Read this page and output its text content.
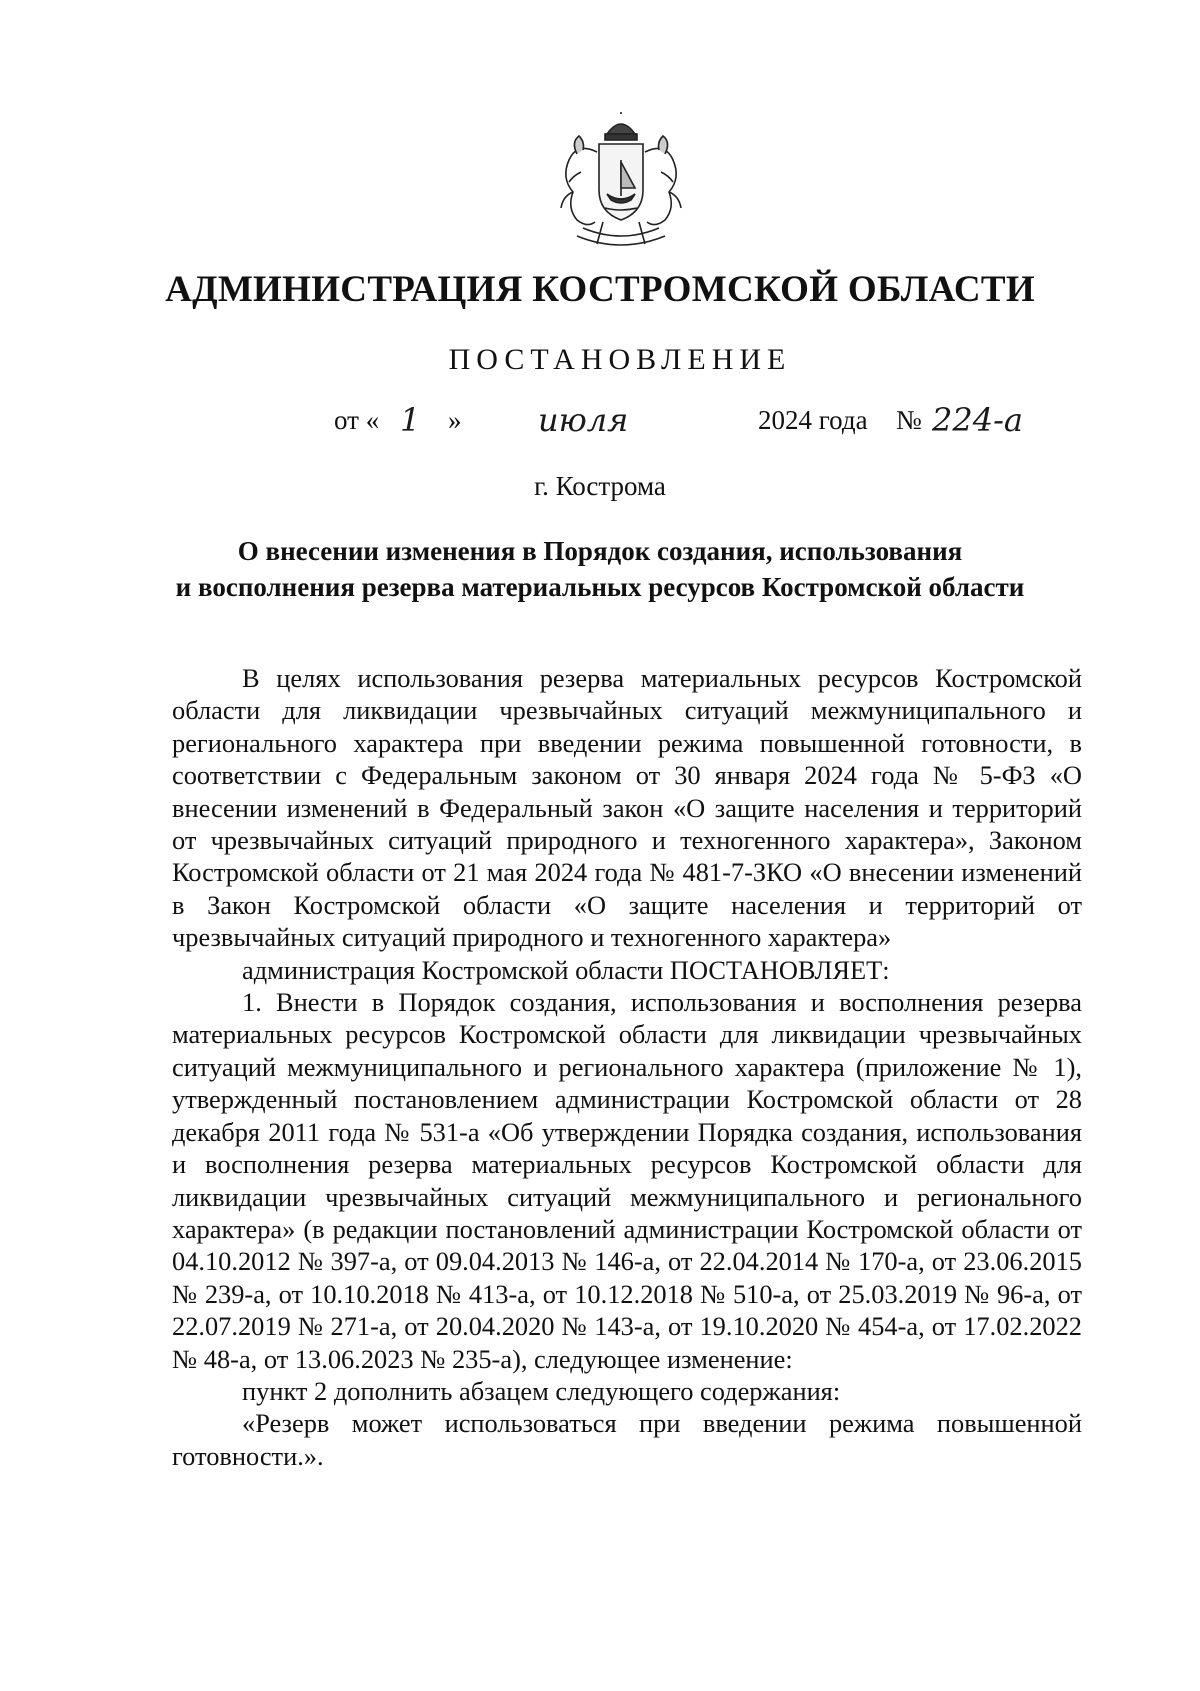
АДМИНИСТРАЦИЯ КОСТРОМСКОЙ ОБЛАСТИ
ПОСТАНОВЛЕНИЕ
от « 1 » июля	2024 года № 224-а
г. Кострома
О внесении изменения в Порядок создания, использования
и восполнения резерва материальных ресурсов Костромской области

В целях использования резерва материальных ресурсов Костромской области для ликвидации чрезвычайных ситуаций межмуниципального и регионального характера при введении режима повышенной готовности, в соответствии с Федеральным законом от 30 января 2024 года № 5-ФЗ «О внесении изменений в Федеральный закон «О защите населения и территорий от чрезвычайных ситуаций природного и техногенного характера», Законом Костромской области от 21 мая 2024 года № 481-7-ЗКО «О внесении изменений в Закон Костромской области «О защите населения и территорий от чрезвычайных ситуаций природного и техногенного характера»

администрация Костромской области ПОСТАНОВЛЯЕТ:

1. Внести в Порядок создания, использования и восполнения резерва материальных ресурсов Костромской области для ликвидации чрезвычайных ситуаций межмуниципального и регионального характера (приложение № 1), утвержденный постановлением администрации Костромской области от 28 декабря 2011 года № 531-а «Об утверждении Порядка создания, использования и восполнения резерва материальных ресурсов Костромской области для ликвидации чрезвычайных ситуаций межмуниципального и регионального характера» (в редакции постановлений администрации Костромской области от 04.10.2012 № 397-а, от 09.04.2013 № 146-а, от 22.04.2014 № 170-а, от 23.06.2015 № 239-а, от 10.10.2018 № 413-а, от 10.12.2018 № 510-а, от 25.03.2019 № 96-а, от 22.07.2019 № 271-а, от 20.04.2020 № 143-а, от 19.10.2020 № 454-а, от 17.02.2022 № 48-а, от 13.06.2023 № 235-а), следующее изменение:

пункт 2 дополнить абзацем следующего содержания:

«Резерв может использоваться при введении режима повышенной готовности.».
